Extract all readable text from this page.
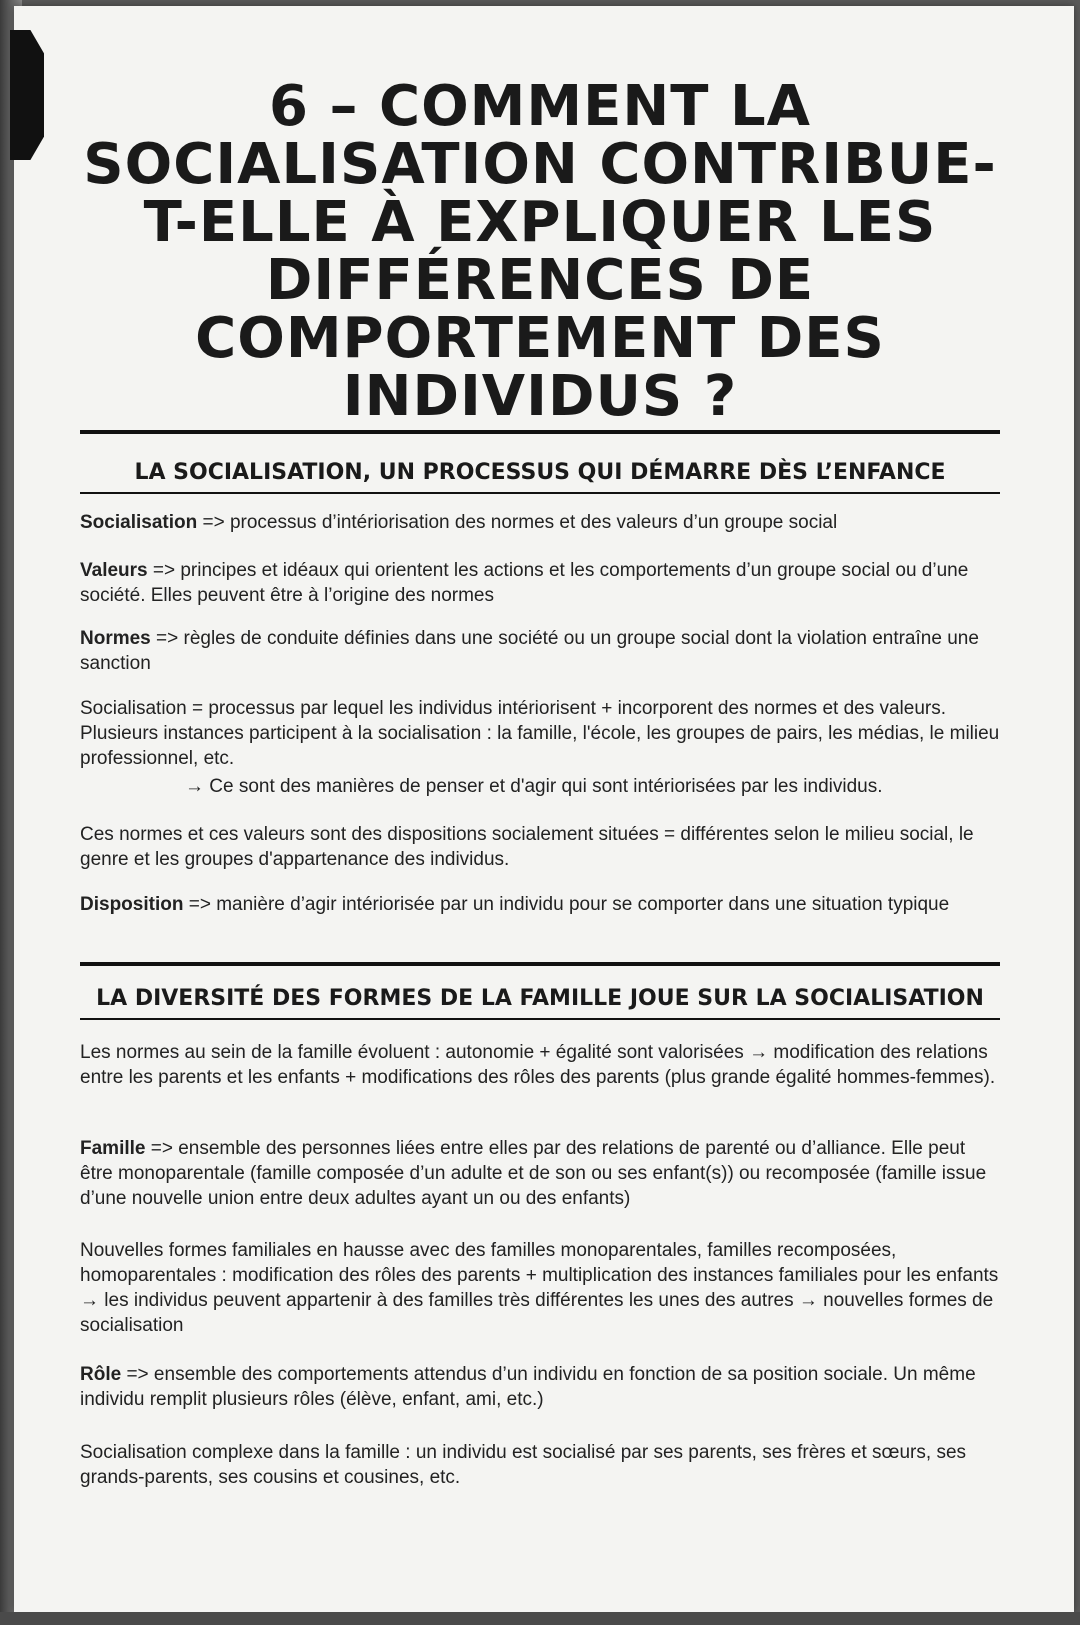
6 – COMMENT LA SOCIALISATION CONTRIBUE-T-ELLE À EXPLIQUER LES DIFFÉRENCES DE COMPORTEMENT DES INDIVIDUS ?
LA SOCIALISATION, UN PROCESSUS QUI DÉMARRE DÈS L’ENFANCE
Socialisation => processus d’intériorisation des normes et des valeurs d’un groupe social
Valeurs => principes et idéaux qui orientent les actions et les comportements d’un groupe social ou d’une société. Elles peuvent être à l’origine des normes
Normes => règles de conduite définies dans une société ou un groupe social dont la violation entraîne une sanction
Socialisation = processus par lequel les individus intériorisent + incorporent des normes et des valeurs. Plusieurs instances participent à la socialisation : la famille, l'école, les groupes de pairs, les médias, le milieu professionnel, etc.
→ Ce sont des manières de penser et d'agir qui sont intériorisées par les individus.
Ces normes et ces valeurs sont des dispositions socialement situées = différentes selon le milieu social, le genre et les groupes d'appartenance des individus.
Disposition => manière d’agir intériorisée par un individu pour se comporter dans une situation typique
LA DIVERSITÉ DES FORMES DE LA FAMILLE JOUE SUR LA SOCIALISATION
Les normes au sein de la famille évoluent : autonomie + égalité sont valorisées → modification des relations entre les parents et les enfants + modifications des rôles des parents (plus grande égalité hommes-femmes).
Famille => ensemble des personnes liées entre elles par des relations de parenté ou d’alliance. Elle peut être monoparentale (famille composée d’un adulte et de son ou ses enfant(s)) ou recomposée (famille issue d’une nouvelle union entre deux adultes ayant un ou des enfants)
Nouvelles formes familiales en hausse avec des familles monoparentales, familles recomposées, homoparentales : modification des rôles des parents + multiplication des instances familiales pour les enfants → les individus peuvent appartenir à des familles très différentes les unes des autres → nouvelles formes de socialisation
Rôle => ensemble des comportements attendus d’un individu en fonction de sa position sociale. Un même individu remplit plusieurs rôles (élève, enfant, ami, etc.)
Socialisation complexe dans la famille : un individu est socialisé par ses parents, ses frères et sœurs, ses grands-parents, ses cousins et cousines, etc.
